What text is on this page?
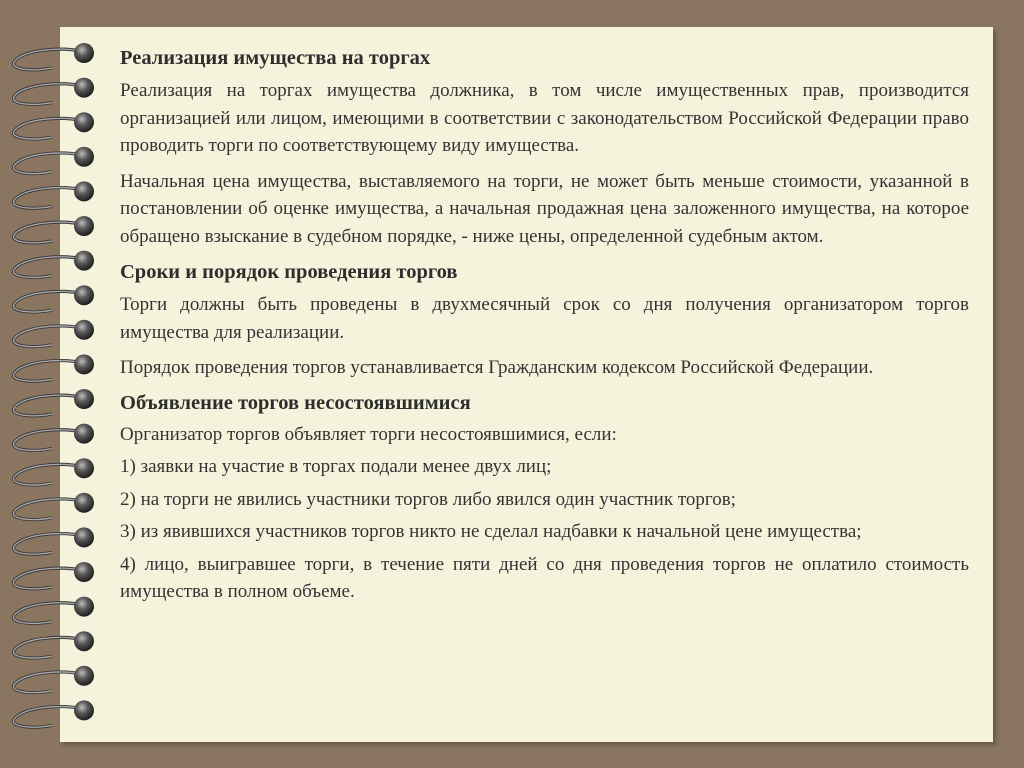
Реализация имущества на торгах

Реализация на торгах имущества должника, в том числе имущественных прав, производится организацией или лицом, имеющими в соответствии с законодательством Российской Федерации право проводить торги по соответствующему виду имущества.

Начальная цена имущества, выставляемого на торги, не может быть меньше стоимости, указанной в постановлении об оценке имущества, а начальная продажная цена заложенного имущества, на которое обращено взыскание в судебном порядке, - ниже цены, определенной судебным актом.

Сроки и порядок проведения торгов

Торги должны быть проведены в двухмесячный срок со дня получения организатором торгов имущества для реализации.

Порядок проведения торгов устанавливается Гражданским кодексом Российской Федерации.

Объявление торгов несостоявшимися

Организатор торгов объявляет торги несостоявшимися, если:

1) заявки на участие в торгах подали менее двух лиц;

2) на торги не явились участники торгов либо явился один участник торгов;

3) из явившихся участников торгов никто не сделал надбавки к начальной цене имущества;

4) лицо, выигравшее торги, в течение пяти дней со дня проведения торгов не оплатило стоимость имущества в полном объеме.
